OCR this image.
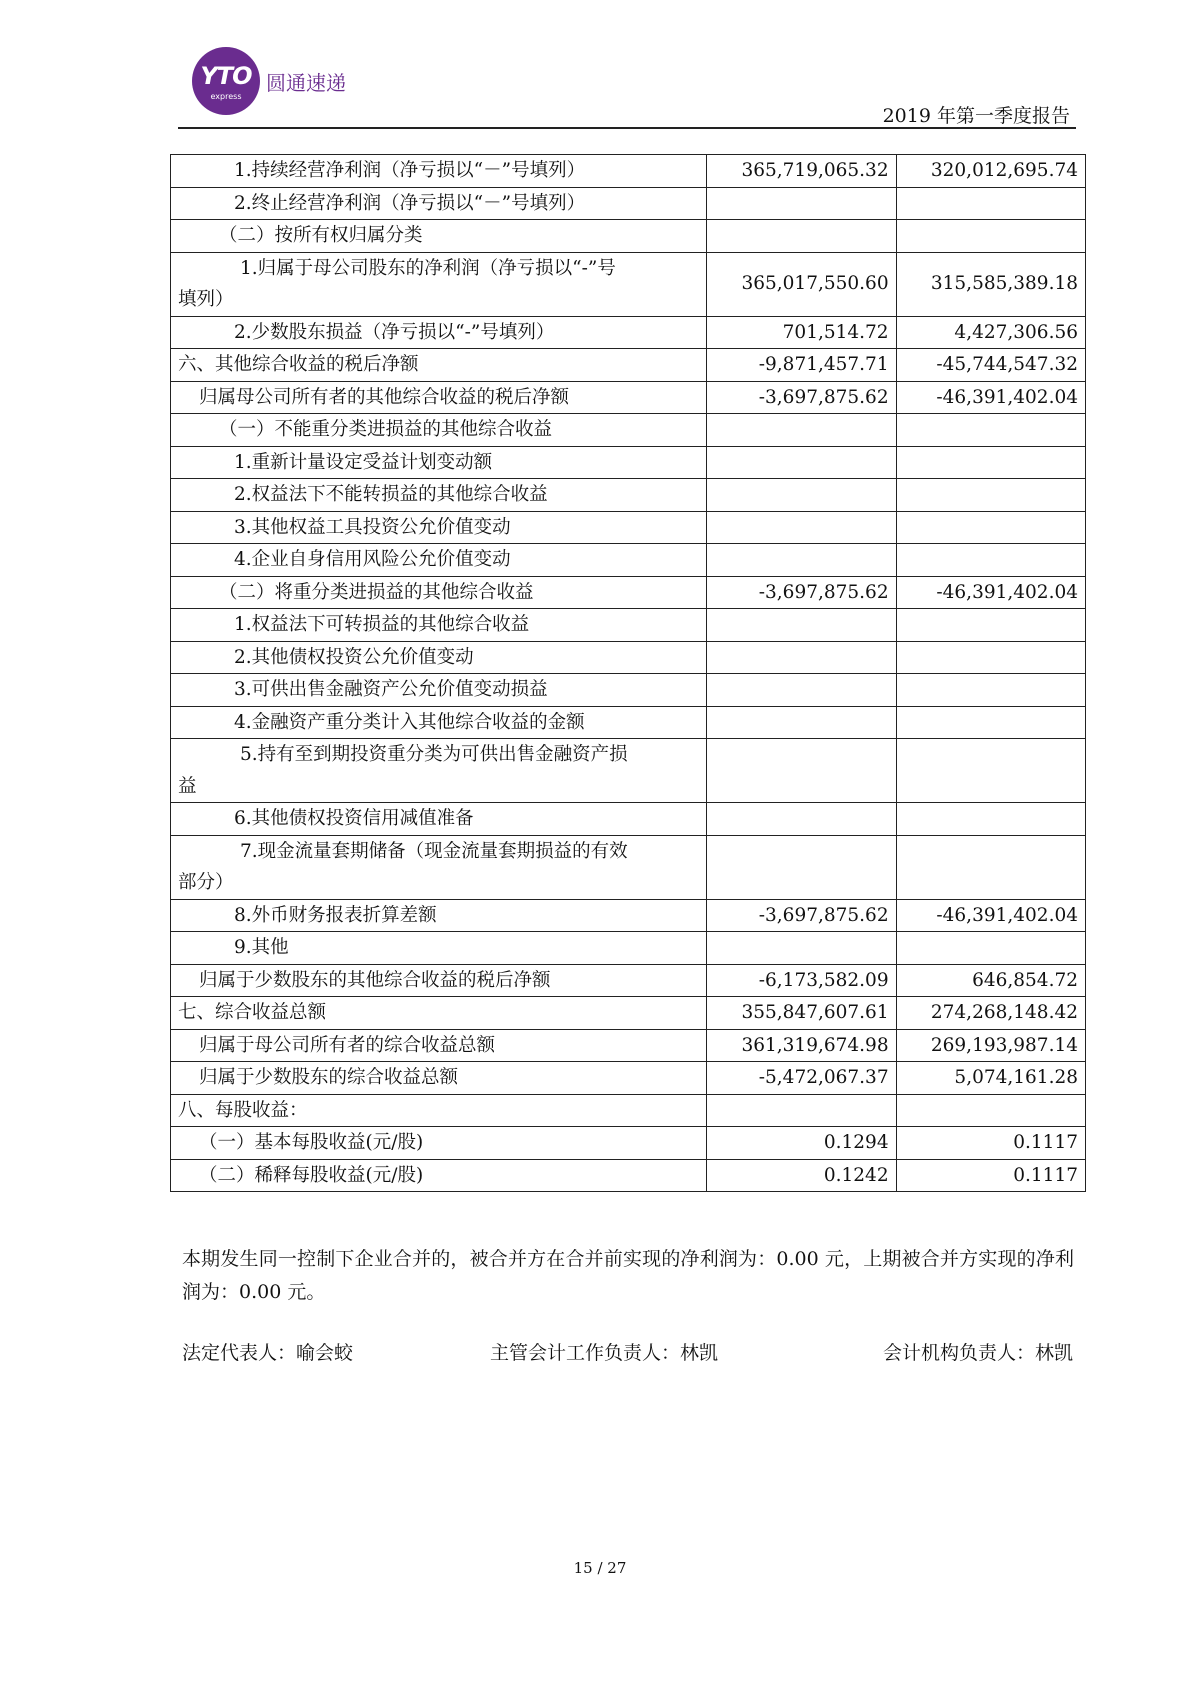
YTO
express
圆通速递
2019 年第一季度报告
1.持续经营净利润（净亏损以“－”号填列）	365,719,065.32	320,012,695.74
2.终止经营净利润（净亏损以“－”号填列）		
（二）按所有权归属分类		

1.归属于母公司股东的净利润（净亏损以“-”号
填列）	365,017,550.60	315,585,389.18
2.少数股东损益（净亏损以“-”号填列）	701,514.72	4,427,306.56
六、其他综合收益的税后净额	-9,871,457.71	-45,744,547.32
归属母公司所有者的其他综合收益的税后净额	-3,697,875.62	-46,391,402.04
（一）不能重分类进损益的其他综合收益		
1.重新计量设定受益计划变动额		
2.权益法下不能转损益的其他综合收益		
3.其他权益工具投资公允价值变动		
4.企业自身信用风险公允价值变动		
（二）将重分类进损益的其他综合收益	-3,697,875.62	-46,391,402.04
1.权益法下可转损益的其他综合收益		
2.其他债权投资公允价值变动		
3.可供出售金融资产公允价值变动损益		
4.金融资产重分类计入其他综合收益的金额		

5.持有至到期投资重分类为可供出售金融资产损
益		
6.其他债权投资信用减值准备		

7.现金流量套期储备（现金流量套期损益的有效
部分）		
8.外币财务报表折算差额	-3,697,875.62	-46,391,402.04
9.其他		
归属于少数股东的其他综合收益的税后净额	-6,173,582.09	646,854.72
七、综合收益总额	355,847,607.61	274,268,148.42
归属于母公司所有者的综合收益总额	361,319,674.98	269,193,987.14
归属于少数股东的综合收益总额	-5,472,067.37	5,074,161.28
八、每股收益：		
（一）基本每股收益(元/股)	0.1294	0.1117
（二）稀释每股收益(元/股)	0.1242	0.1117
本期发生同一控制下企业合并的，被合并方在合并前实现的净利润为：0.00 元，上期被合并方实现的净利润为：0.00 元。
法定代表人：喻会蛟	主管会计工作负责人：林凯	会计机构负责人：林凯
15 / 27
